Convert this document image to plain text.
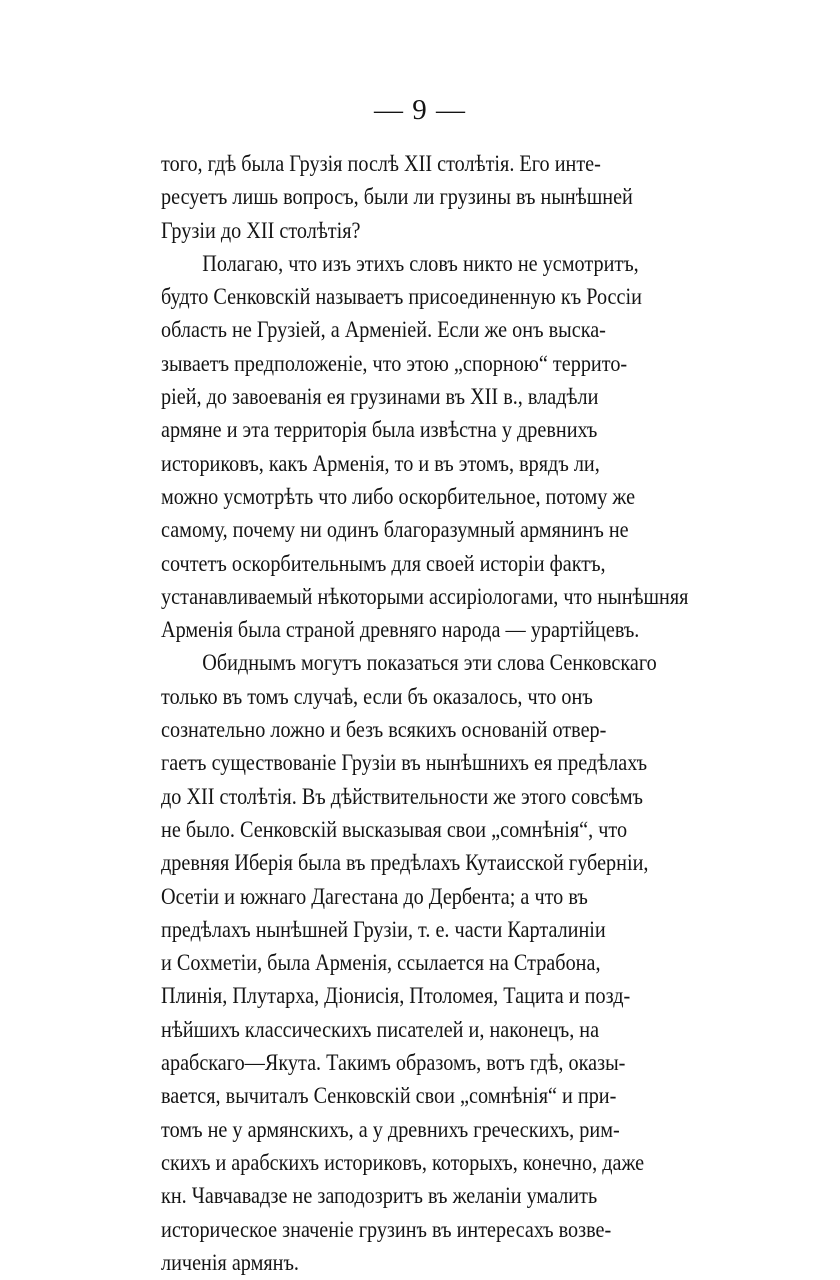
— 9 —
того, гдѣ была Грузія послѣ XII столѣтія. Его инте-
ресуетъ лишь вопросъ, были ли грузины въ нынѣшней
Грузіи до XII столѣтія?
Полагаю, что изъ этихъ словъ никто не усмотритъ,
будто Сенковскій называетъ присоединенную къ Россіи
область не Грузіей, а Арменіей. Если же онъ выска-
зываетъ предположеніе, что этою „спорною“ террито-
ріей, до завоеванія ея грузинами въ XII в., владѣли
армяне и эта территорія была извѣстна у древнихъ
историковъ, какъ Арменія, то и въ этомъ, врядъ ли,
можно усмотрѣть что либо оскорбительное, потому же
самому, почему ни одинъ благоразумный армянинъ не
сочтетъ оскорбительнымъ для своей исторіи фактъ,
устанавливаемый нѣкоторыми ассиріологами, что нынѣшняя
Арменія была страной древняго народа — урартійцевъ.
Обиднымъ могутъ показаться эти слова Сенковскаго
только въ томъ случаѣ, если бъ оказалось, что онъ
сознательно ложно и безъ всякихъ основаній отвер-
гаетъ существованіе Грузіи въ нынѣшнихъ ея предѣлахъ
до XII столѣтія. Въ дѣйствительности же этого совсѣмъ
не было. Сенковскій высказывая свои „сомнѣнія“, что
древняя Иберія была въ предѣлахъ Кутаисской губерніи,
Осетіи и южнаго Дагестана до Дербента; а что въ
предѣлахъ нынѣшней Грузіи, т. е. части Карталиніи
и Сохметіи, была Арменія, ссылается на Страбона,
Плинія, Плутарха, Діонисія, Птоломея, Тацита и позд-
нѣйшихъ классическихъ писателей и, наконецъ, на
арабскаго—Якута. Такимъ образомъ, вотъ гдѣ, оказы-
вается, вычиталъ Сенковскій свои „сомнѣнія“ и при-
томъ не у армянскихъ, а у древнихъ греческихъ, рим-
скихъ и арабскихъ историковъ, которыхъ, конечно, даже
кн. Чавчавадзе не заподозритъ въ желаніи умалить
историческое значеніе грузинъ въ интересахъ возве-
личенія армянъ.
